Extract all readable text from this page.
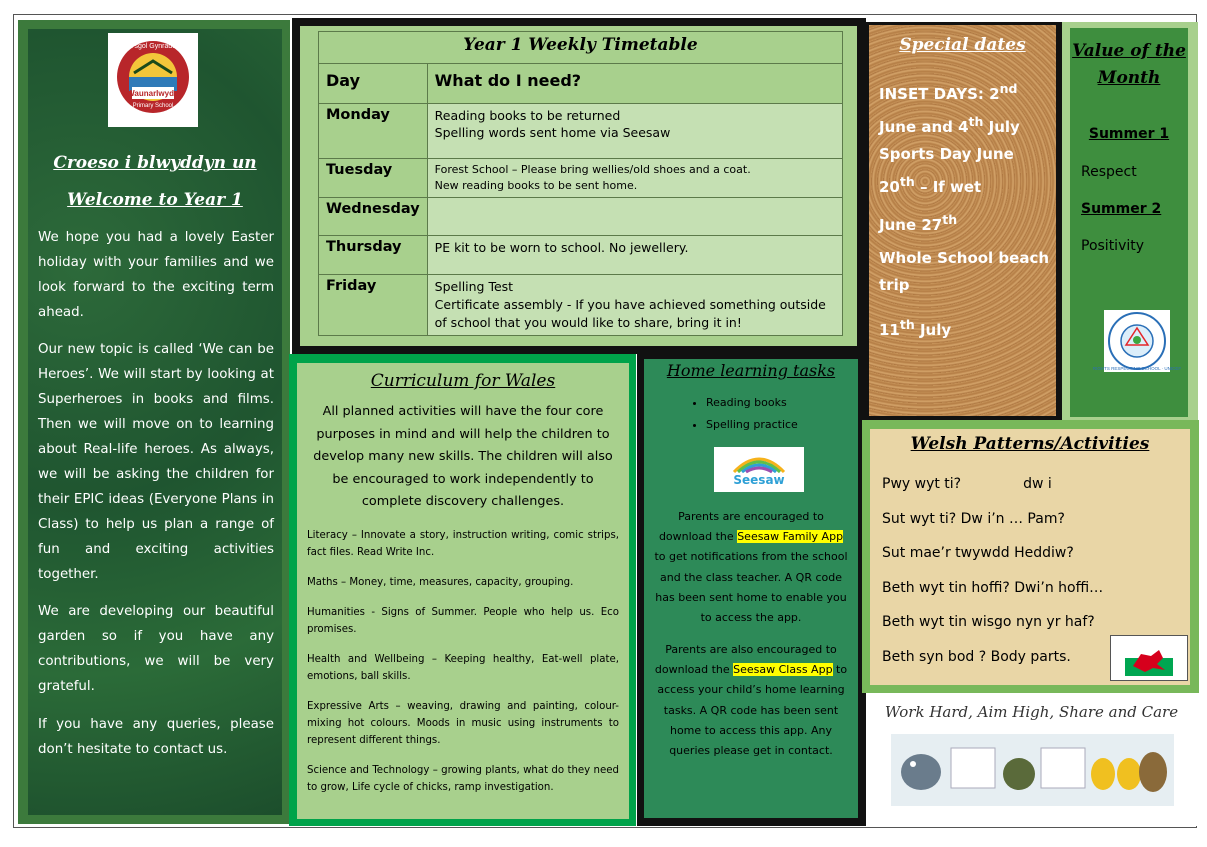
Ysgol Gynradd
Waunarlwydd
Primary School
Croeso i blwyddyn un
Welcome to Year 1
We hope you had a lovely Easter holiday with your families and we look forward to the exciting term ahead.
Our new topic is called ‘We can be Heroes’. We will start by looking at Superheroes in books and films. Then we will move on to learning about Real-life heroes. As always, we will be asking the children for their EPIC ideas (Everyone Plans in Class) to help us plan a range of fun and exciting activities together.
We are developing our beautiful garden so if you have any contributions, we will be very grateful.
If you have any queries, please don’t hesitate to contact us.
Year 1 Weekly Timetable	
Day	What do I need?
Monday	Reading books to be returned
Spelling words sent home via Seesaw

Tuesday	Forest School – Please bring wellies/old shoes and a coat.
New reading books to be sent home.

Wednesday	
Thursday	PE kit to be worn to school. No jewellery.
Friday	Spelling Test
Certificate assembly - If you have achieved something outside of school that you would like to share, bring it in!
Curriculum for Wales
All planned activities will have the four core purposes in mind and will help the children to develop many new skills. The children will also be encouraged to work independently to complete discovery challenges.
Literacy – Innovate a story, instruction writing, comic strips, fact files. Read Write Inc.
Maths – Money, time, measures, capacity, grouping.
Humanities - Signs of Summer. People who help us. Eco promises.
Health and Wellbeing – Keeping healthy, Eat-well plate, emotions, ball skills.
Expressive Arts – weaving, drawing and painting, colour-mixing hot colours. Moods in music using instruments to represent different things.
Science and Technology – growing plants, what do they need to grow, Life cycle of chicks, ramp investigation.
Home learning tasks
• Reading books
• Spelling practice
Seesaw
Parents are encouraged to download the Seesaw Family App to get notifications from the school and the class teacher. A QR code has been sent home to enable you to access the app.
Parents are also encouraged to download the Seesaw Class App to access your child’s home learning tasks. A QR code has been sent home to access this app. Any queries please get in contact.
Special dates
INSET DAYS: 2nd June and 4th July
Sports Day June 20th – If wet
June 27th
Whole School beach trip
11th July
Value of the Month
Summer 1
Respect
Summer 2
Positivity
RIGHTS RESPECTING SCHOOL · UNICEF
Welsh Patterns/Activities
Pwy wyt ti?	dw i
Sut wyt ti? Dw i’n … Pam?
Sut mae’r twywdd Heddiw?
Beth wyt tin hoffi? Dwi’n hoffi…
Beth wyt tin wisgo nyn yr haf?
Beth syn bod ? Body parts.
Work Hard, Aim High, Share and Care
